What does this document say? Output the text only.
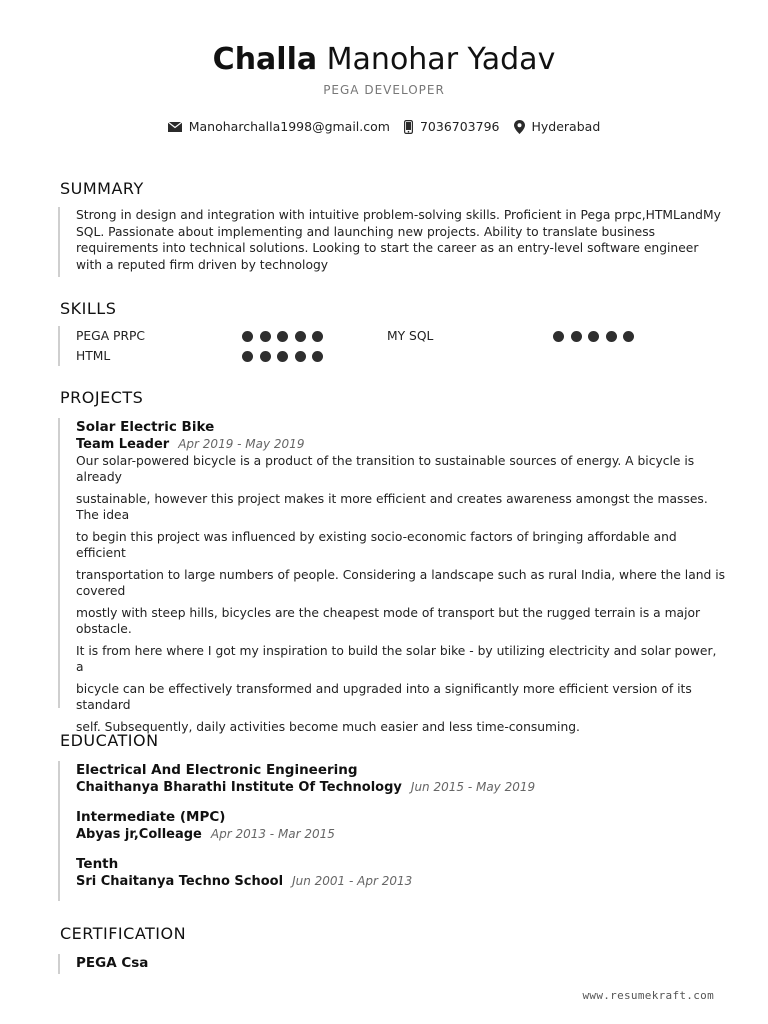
Challa Manohar Yadav
PEGA DEVELOPER
Manoharchalla1998@gmail.com 7036703796	Hyderabad
SUMMARY
Strong in design and integration with intuitive problem-solving skills. Proficient in Pega prpc,HTMLandMy SQL. Passionate about implementing and launching new projects. Ability to translate business requirements into technical solutions. Looking to start the career as an entry-level software engineer with a reputed firm driven by technology
SKILLS
PEGA PRPC	MY SQL
HTML
PROJECTS
Solar Electric Bike
Team Leader Apr 2019 - May 2019

Our solar-powered bicycle is a product of the transition to sustainable sources of energy. A bicycle is already

sustainable, however this project makes it more efficient and creates awareness amongst the masses. The idea

to begin this project was influenced by existing socio-economic factors of bringing affordable and efficient

transportation to large numbers of people. Considering a landscape such as rural India, where the land is covered

mostly with steep hills, bicycles are the cheapest mode of transport but the rugged terrain is a major obstacle.

It is from here where I got my inspiration to build the solar bike - by utilizing electricity and solar power, a

bicycle can be effectively transformed and upgraded into a significantly more efficient version of its standard

self. Subsequently, daily activities become much easier and less time-consuming.

EDUCATION
Electrical And Electronic Engineering
Chaithanya Bharathi Institute Of Technology Jun 2015 - May 2019
Intermediate (MPC)
Abyas jr,Colleage Apr 2013 - Mar 2015
Tenth
Sri Chaitanya Techno School Jun 2001 - Apr 2013
CERTIFICATION
PEGA Csa
www.resumekraft.com
